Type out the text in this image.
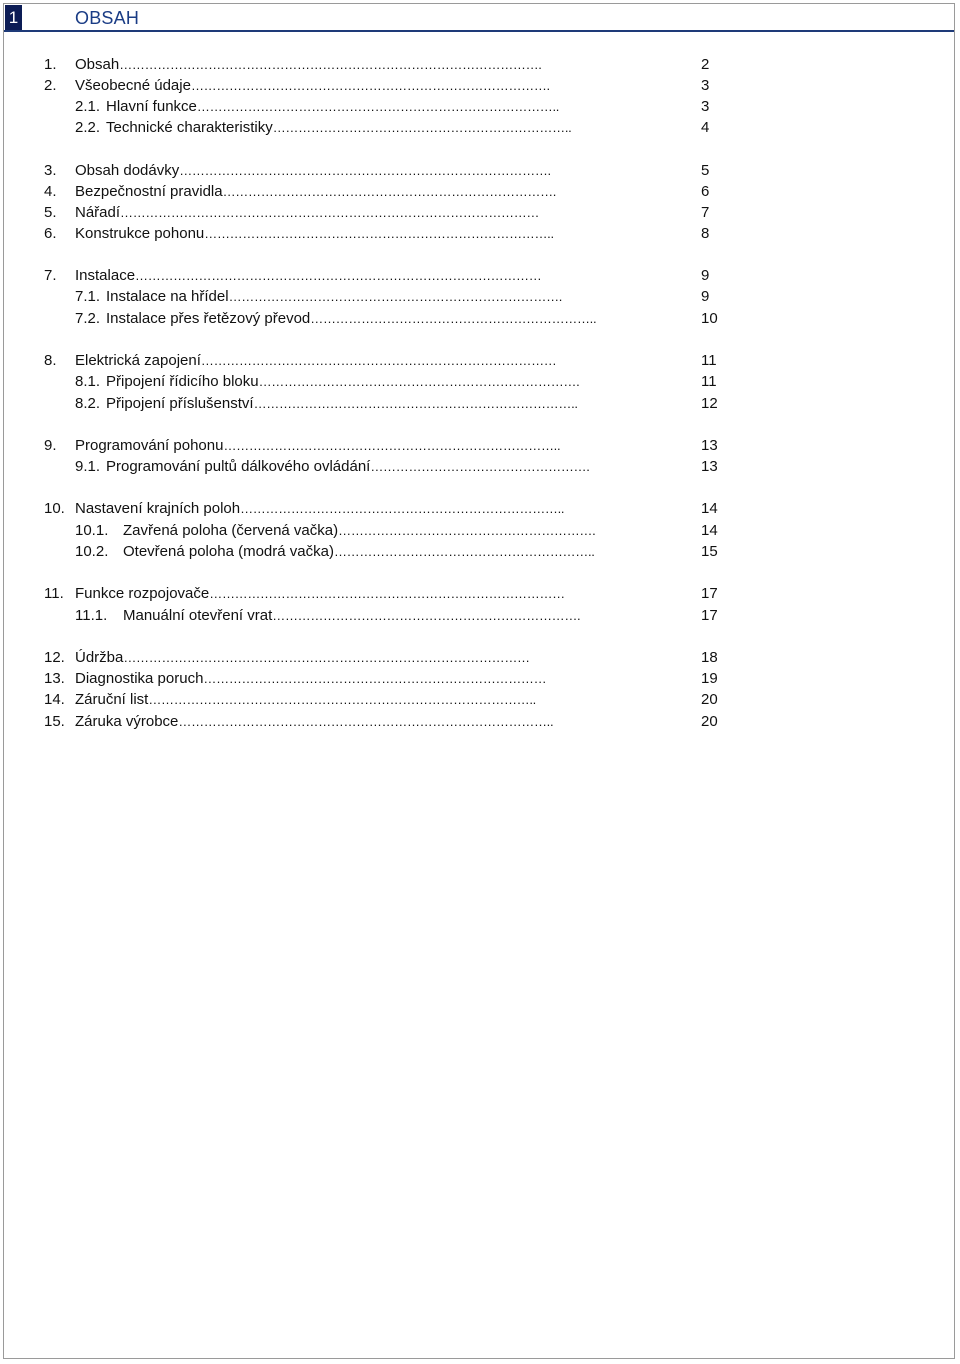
1	OBSAH
1. Obsah……………………………………………………………………………………….	2
2. Všeobecné údaje………………………………………………………………………….	3
2.1. Hlavní funkce…………………………………………………………………………..	3
2.2. Technické charakteristiky……………………………………………………………..	4
3. Obsah dodávky…………………………………………………………………………….	5
4. Bezpečnostní pravidla…………………………………………………………………….	6
5. Nářadí………………………………………………………………………………………	7
6. Konstrukce pohonu………………………………………………………………………..	8
7. Instalace……………………………………………………………………………………	9
7.1. Instalace na hřídel…………………………………………………………………….	9
7.2. Instalace přes řetězový převod…………………………………………………………..	10
8. Elektrická zapojení…………………………………………………………………………	11
8.1. Připojení řídicího bloku………………………………………………………………….	11
8.2. Připojení příslušenství…………………………………………………………………..	12
9. Programování pohonu……………………………………………………………………..	13
9.1. Programování pultů dálkového ovládání…………………………………………….	13
10. Nastavení krajních poloh…………………………………………………………………..	14
10.1. Zavřená poloha (červená vačka)…………………………………………………….	14
10.2. Otevřená poloha (modrá vačka)……………………………………………………..	15
11. Funkce rozpojovače…………………………………………………………………………	17
11.1. Manuální otevření vrat……………………………………………………………….	17
12. Údržba……………………………………………………………………………………	18
13. Diagnostika poruch………………………………………………………………………	19
14. Záruční list………………………………………………………………………………..	20
15. Záruka výrobce……………………………………………………………………………..	20
